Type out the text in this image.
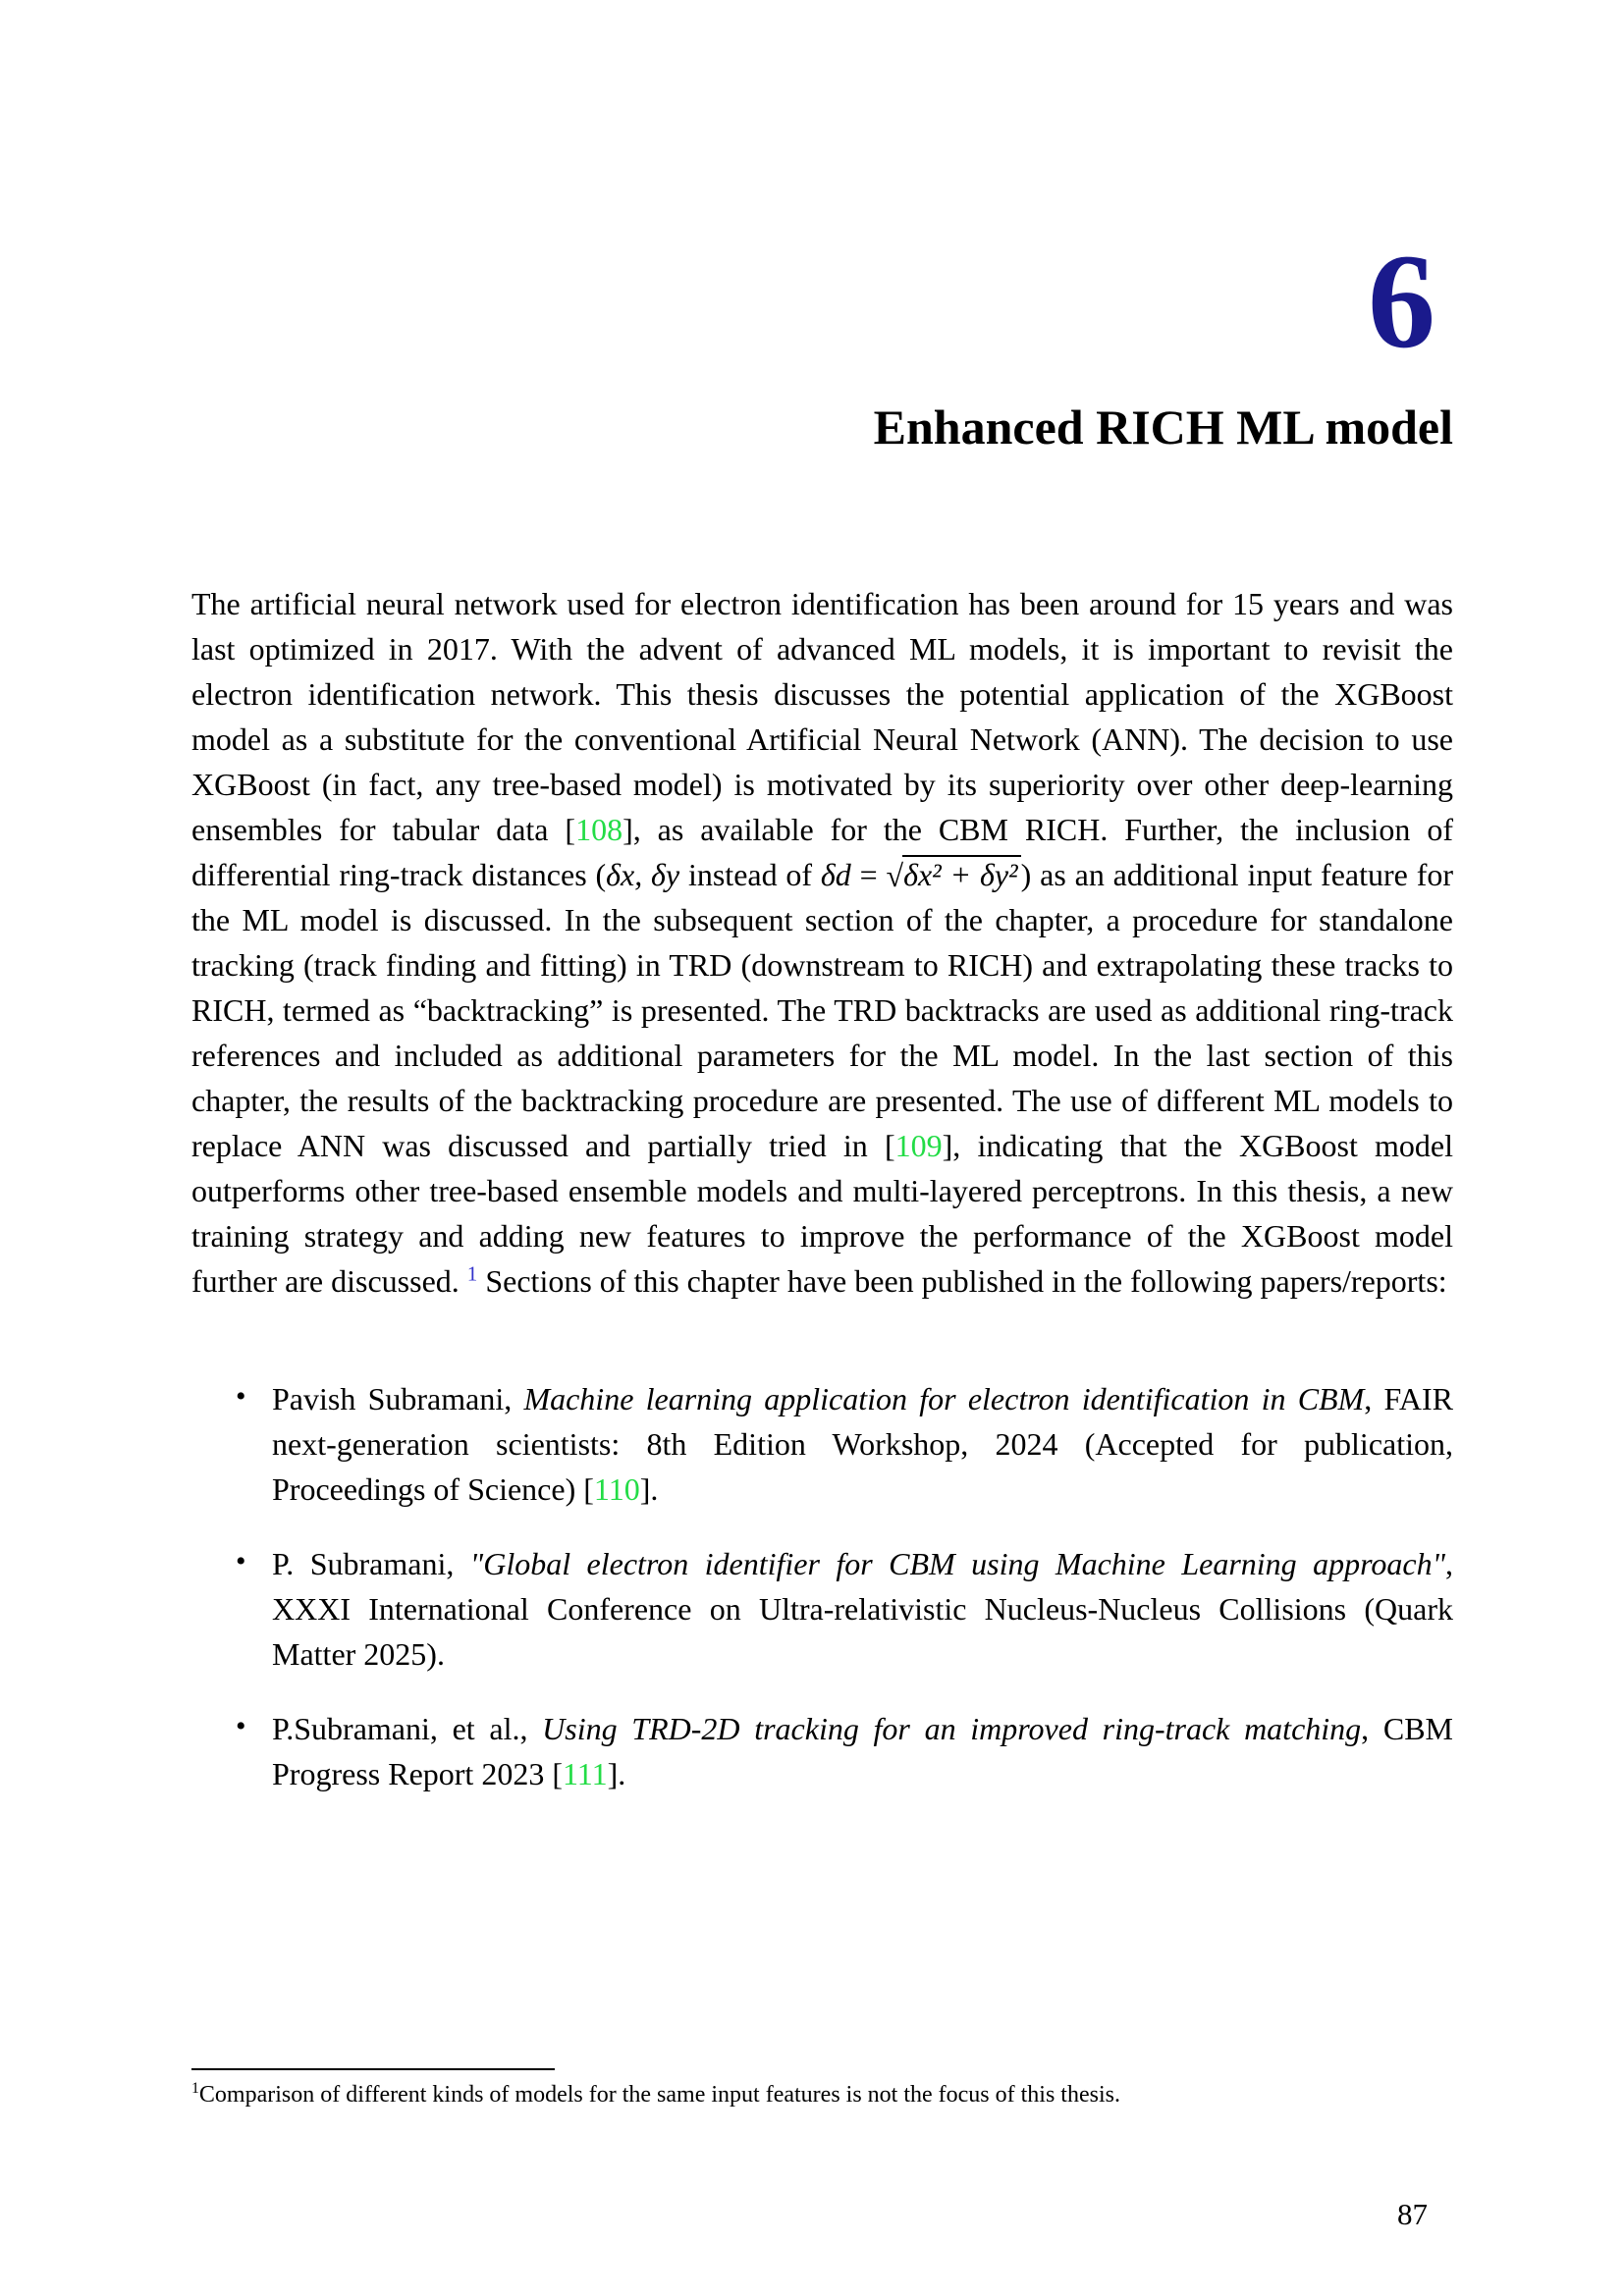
6
Enhanced RICH ML model
The artificial neural network used for electron identification has been around for 15 years and was last optimized in 2017. With the advent of advanced ML models, it is important to revisit the electron identification network. This thesis discusses the potential application of the XGBoost model as a substitute for the conventional Artificial Neural Network (ANN). The decision to use XGBoost (in fact, any tree-based model) is motivated by its superiority over other deep-learning ensembles for tabular data [108], as available for the CBM RICH. Further, the inclusion of differential ring-track distances (δx, δy instead of δd = √δx² + δy²) as an additional input feature for the ML model is discussed. In the subsequent section of the chapter, a procedure for standalone tracking (track finding and fitting) in TRD (downstream to RICH) and extrapolating these tracks to RICH, termed as “backtracking” is presented. The TRD backtracks are used as additional ring-track references and included as additional parameters for the ML model. In the last section of this chapter, the results of the backtracking procedure are presented. The use of different ML models to replace ANN was discussed and partially tried in [109], indicating that the XGBoost model outperforms other tree-based ensemble models and multi-layered perceptrons. In this thesis, a new training strategy and adding new features to improve the performance of the XGBoost model further are discussed. $^1$ Sections of this chapter have been published in the following papers/reports:
• Pavish Subramani, Machine learning application for electron identification in CBM, FAIR next-generation scientists: 8th Edition Workshop, 2024 (Accepted for publication, Proceedings of Science) [110].
• P. Subramani, "Global electron identifier for CBM using Machine Learning approach", XXXI International Conference on Ultra-relativistic Nucleus-Nucleus Collisions (Quark Matter 2025).
• P.Subramani, et al., Using TRD-2D tracking for an improved ring-track matching, CBM Progress Report 2023 [111].
$^1$Comparison of different kinds of models for the same input features is not the focus of this thesis.
87
